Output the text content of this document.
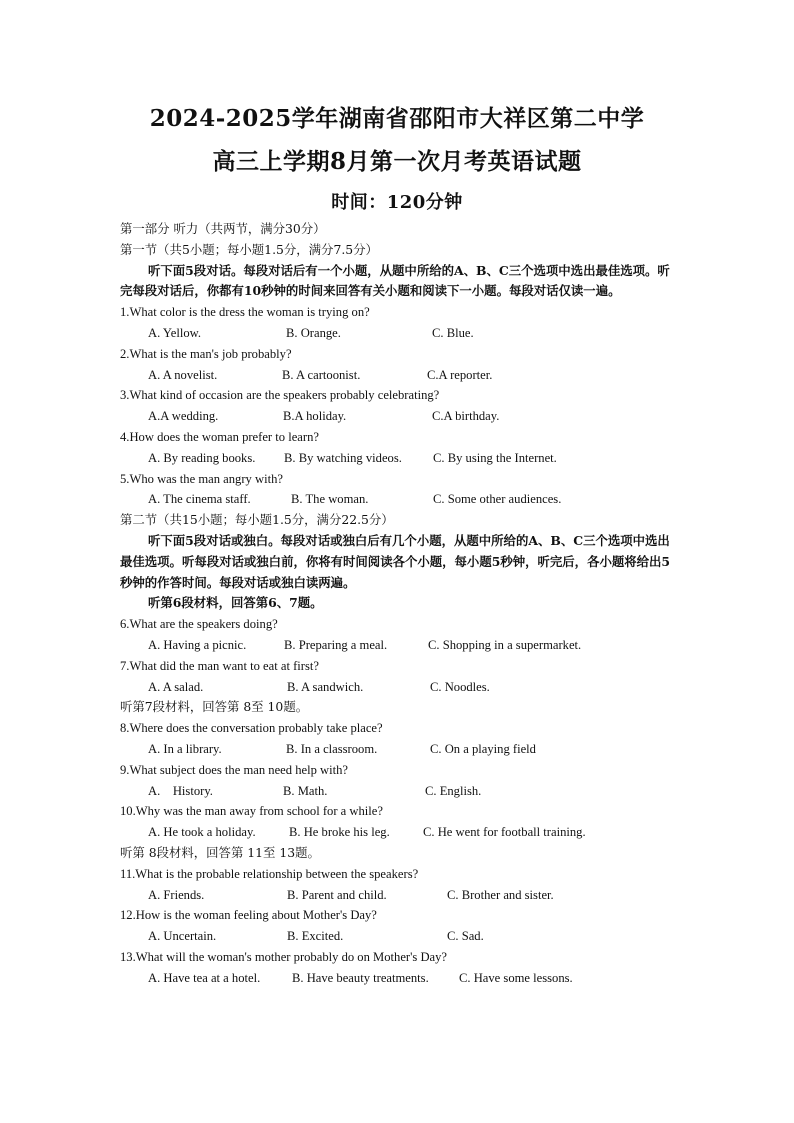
2024-2025学年湖南省邵阳市大祥区第二中学
高三上学期8月第一次月考英语试题
时间：120分钟
第一部分 听力（共两节，满分30分）
第一节（共5小题；每小题1.5分，满分7.5分）
听下面5段对话。每段对话后有一个小题，从题中所给的A、B、C三个选项中选出最佳选项。听完每段对话后，你都有10秒钟的时间来回答有关小题和阅读下一小题。每段对话仅读一遍。
1.What color is the dress the woman is trying on?
A. Yellow.	B. Orange.	C. Blue.
2.What is the man's job probably?
A. A novelist.	B. A cartoonist.	C.A reporter.
3.What kind of occasion are the speakers probably celebrating?
A.A wedding.	B.A holiday.	C.A birthday.
4.How does the woman prefer to learn?
A. By reading books. B. By watching videos. C. By using the Internet.
5.Who was the man angry with?
A. The cinema staff.	B. The woman.	C. Some other audiences.
第二节（共15小题；每小题1.5分，满分22.5分）
听下面5段对话或独白。每段对话或独白后有几个小题，从题中所给的A、B、C三个选项中选出最佳选项。听每段对话或独白前，你将有时间阅读各个小题，每小题5秒钟，听完后，各小题将给出5秒钟的作答时间。每段对话或独白读两遍。
听第6段材料，回答第6、7题。
6.What are the speakers doing?
A. Having a picnic.	B. Preparing a meal.	C. Shopping in a supermarket.
7.What did the man want to eat at first?
A. A salad.	B. A sandwich.	C. Noodles.
听第7段材料，回答第 8至 10题。
8.Where does the conversation probably take place?
A. In a library.	B. In a classroom.	C. On a playing field
9.What subject does the man need help with?
A.    History.	B. Math.	C. English.
10.Why was the man away from school for a while?
A. He took a holiday.	B. He broke his leg.	C. He went for football training.
听第 8段材料，回答第 11至 13题。
11.What is the probable relationship between the speakers?
A. Friends.	B. Parent and child.	C. Brother and sister.
12.How is the woman feeling about Mother's Day?
A. Uncertain.	B. Excited.	C. Sad.
13.What will the woman's mother probably do on Mother's Day?
A. Have tea at a hotel.	B. Have beauty treatments. C. Have some lessons.
